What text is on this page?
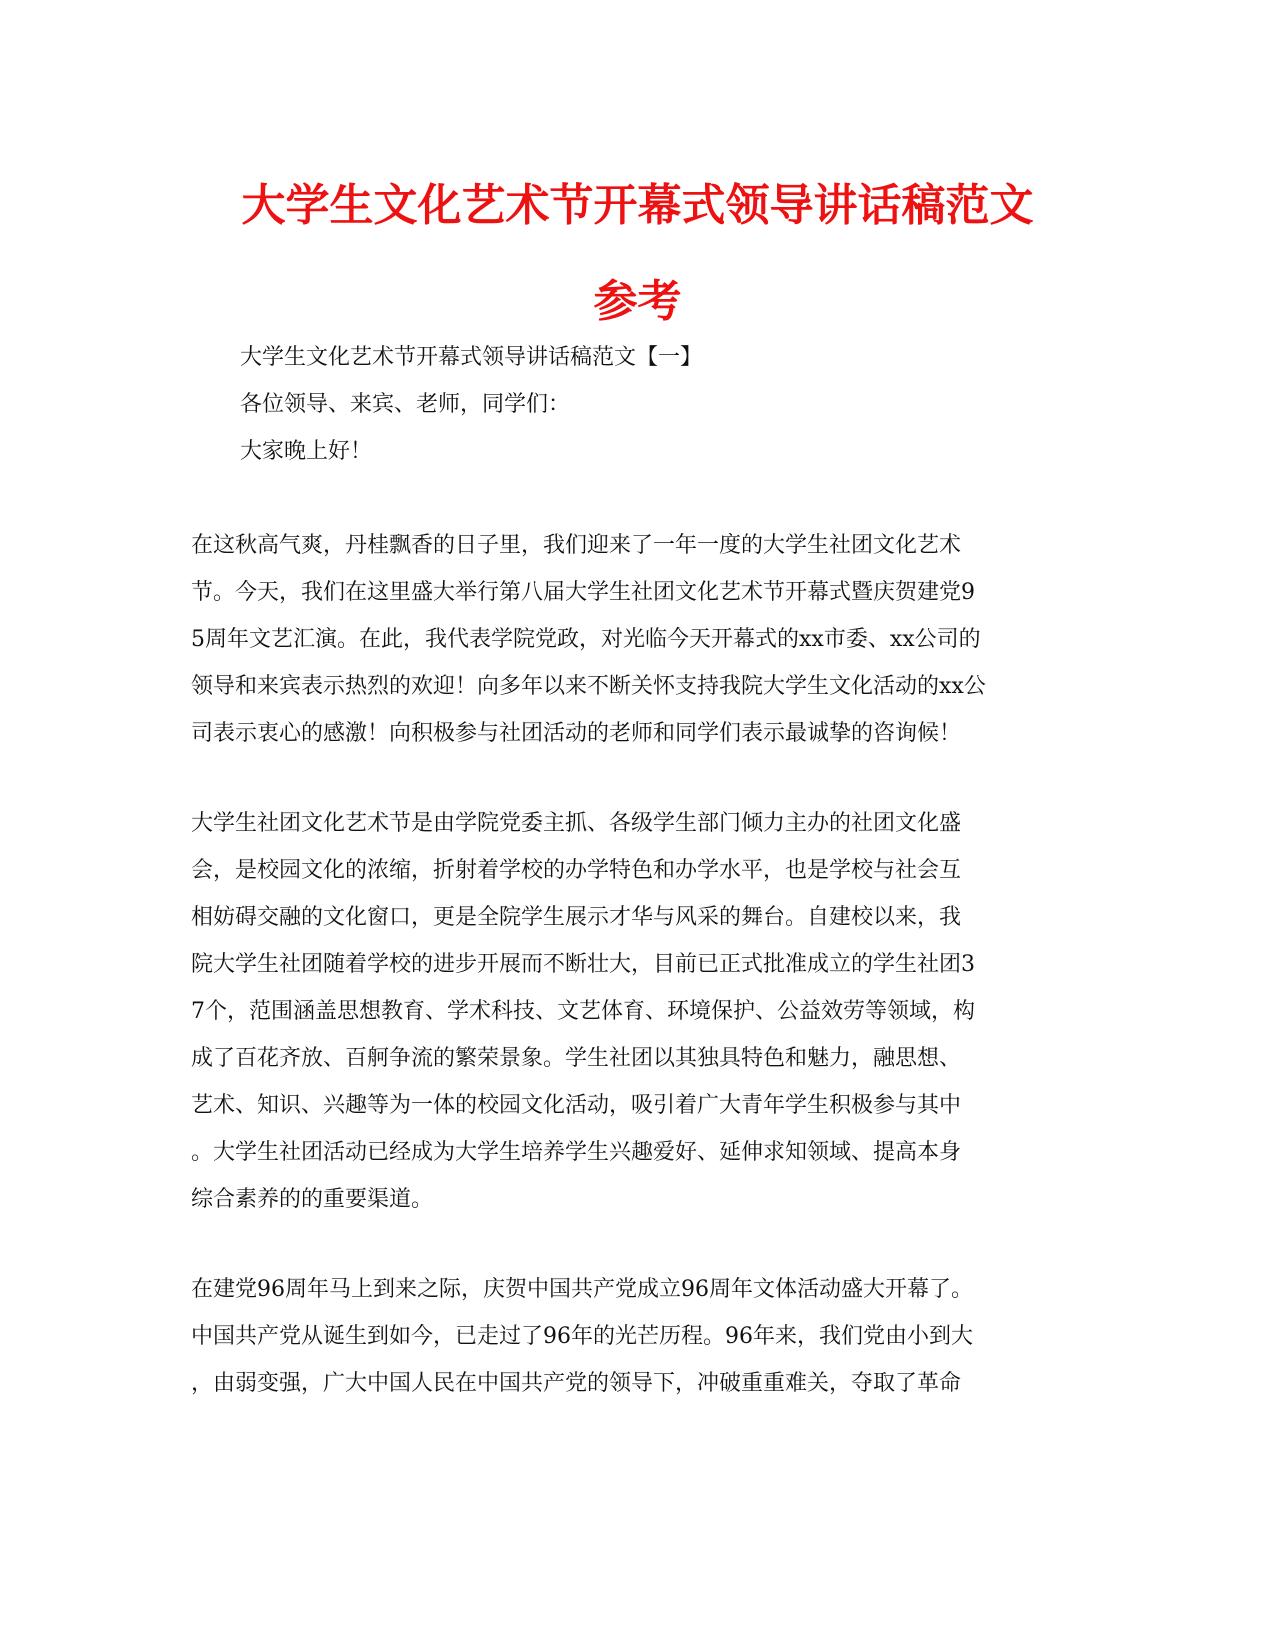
大学生文化艺术节开幕式领导讲话稿范文
参考
大学生文化艺术节开幕式领导讲话稿范文【一】
各位领导、来宾、老师，同学们：
大家晚上好！
在这秋高气爽，丹桂飘香的日子里，我们迎来了一年一度的大学生社团文化艺术
节。今天，我们在这里盛大举行第八届大学生社团文化艺术节开幕式暨庆贺建党9
5周年文艺汇演。在此，我代表学院党政，对光临今天开幕式的xx市委、xx公司的
领导和来宾表示热烈的欢迎！向多年以来不断关怀支持我院大学生文化活动的xx公
司表示衷心的感激！向积极参与社团活动的老师和同学们表示最诚挚的咨询候！
大学生社团文化艺术节是由学院党委主抓、各级学生部门倾力主办的社团文化盛
会，是校园文化的浓缩，折射着学校的办学特色和办学水平，也是学校与社会互
相妨碍交融的文化窗口，更是全院学生展示才华与风采的舞台。自建校以来，我
院大学生社团随着学校的进步开展而不断壮大，目前已正式批准成立的学生社团3
7个，范围涵盖思想教育、学术科技、文艺体育、环境保护、公益效劳等领域，构
成了百花齐放、百舸争流的繁荣景象。学生社团以其独具特色和魅力，融思想、
艺术、知识、兴趣等为一体的校园文化活动，吸引着广大青年学生积极参与其中
。大学生社团活动已经成为大学生培养学生兴趣爱好、延伸求知领域、提高本身
综合素养的的重要渠道。
在建党96周年马上到来之际，庆贺中国共产党成立96周年文体活动盛大开幕了。
中国共产党从诞生到如今，已走过了96年的光芒历程。96年来，我们党由小到大
，由弱变强，广大中国人民在中国共产党的领导下，冲破重重难关，夺取了革命
